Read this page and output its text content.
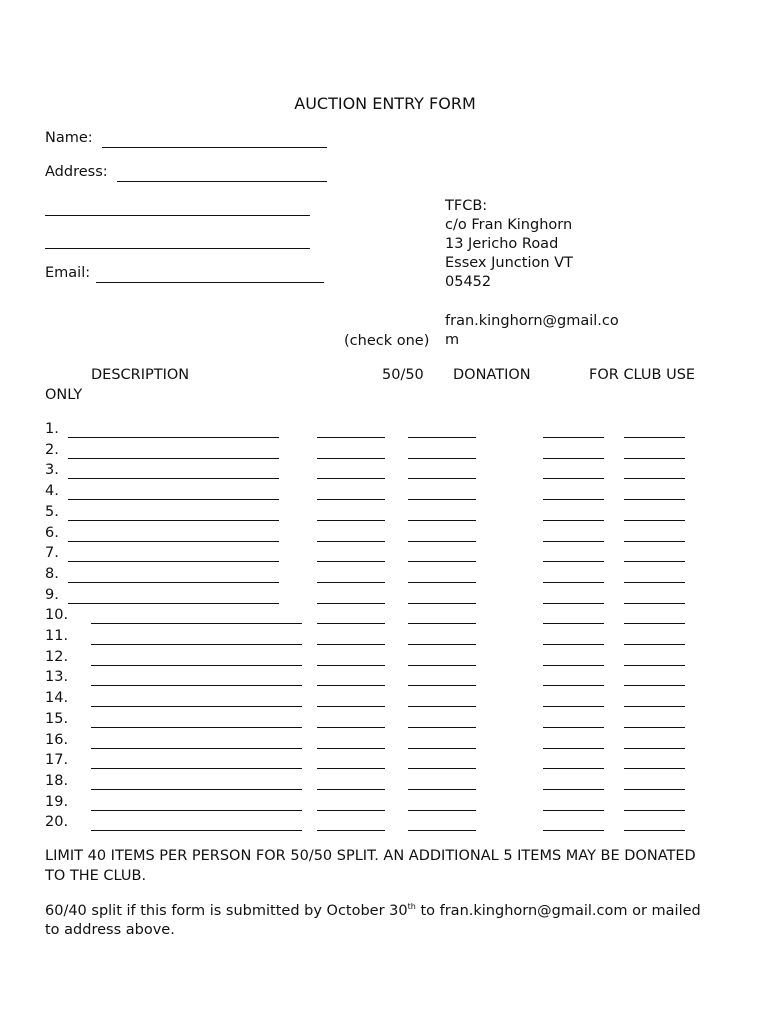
AUCTION ENTRY FORM
Name:
Address:
Email:
TFCB:
c/o Fran Kinghorn
13 Jericho Road
Essex Junction VT
05452
fran.kinghorn@gmail.co
m
(check one)
DESCRIPTION	50/50 DONATION	FOR CLUB USE
ONLY
1.
2.
3.
4.
5.
6.
7.
8.
9.
10.
11.
12.
13.
14.
15.
16.
17.
18.
19.
20.
LIMIT 40 ITEMS PER PERSON FOR 50/50 SPLIT. AN ADDITIONAL 5 ITEMS MAY BE DONATED
TO THE CLUB.
60/40 split if this form is submitted by October 30th to fran.kinghorn@gmail.com or mailed
to address above.
